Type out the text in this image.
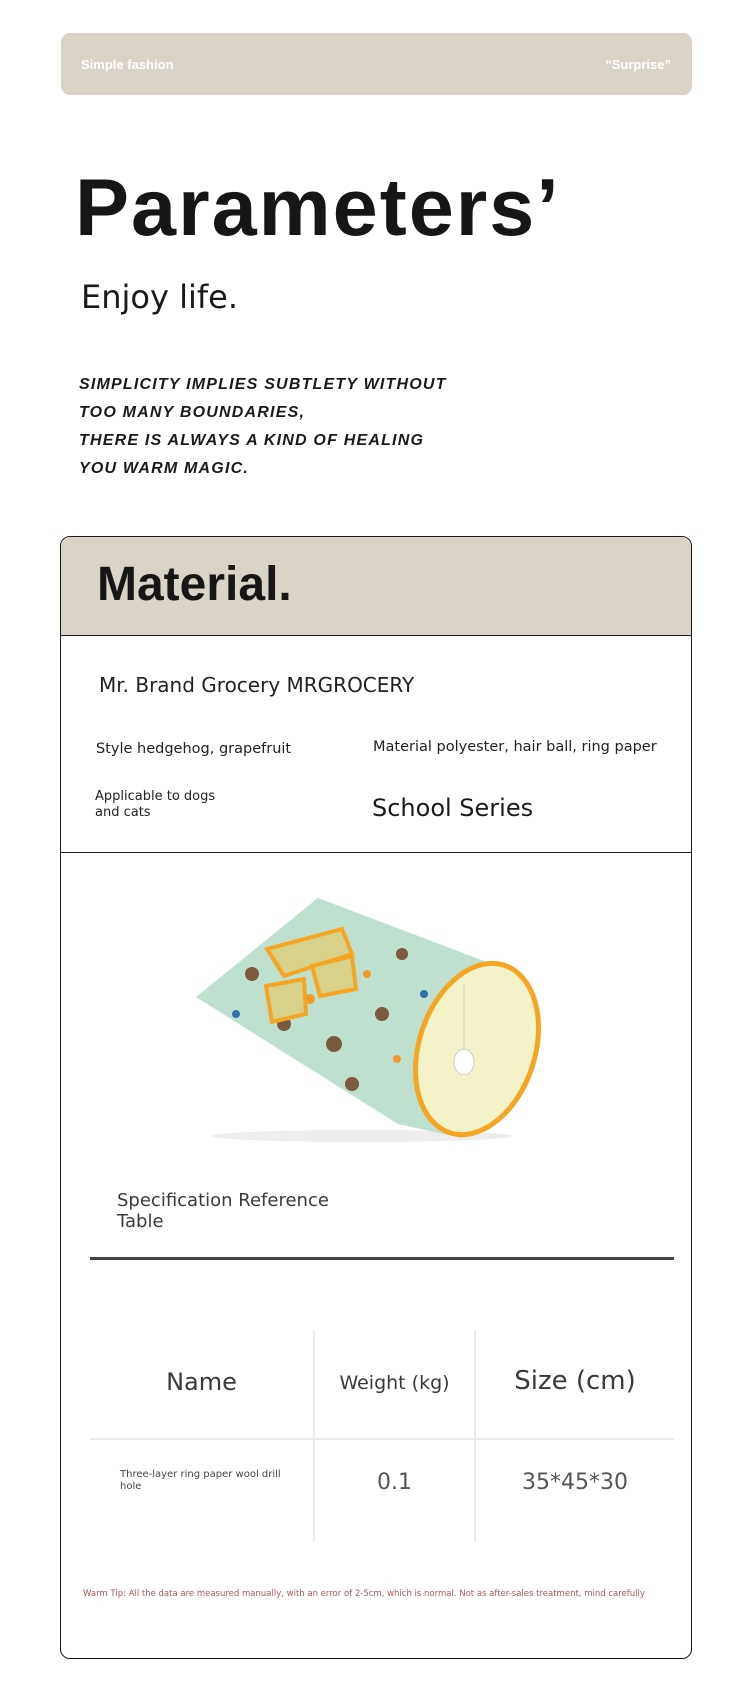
Simple fashion	“Surprise”
Parameters’
Enjoy life.
SIMPLICITY IMPLIES SUBTLETY WITHOUT
TOO MANY BOUNDARIES,
THERE IS ALWAYS A KIND OF HEALING
YOU WARM MAGIC.
Material.
Mr. Brand Grocery MRGROCERY
Style hedgehog, grapefruit	Material polyester, hair ball, ring paper
Applicable to dogs and cats	School Series
Specification Reference Table
Name	Weight (kg)	Size (cm)
Three-layer ring paper wool drill hole	0.1	35*45*30
Warm Tip: All the data are measured manually, with an error of 2-5cm, which is normal. Not as after-sales treatment, mind carefully
